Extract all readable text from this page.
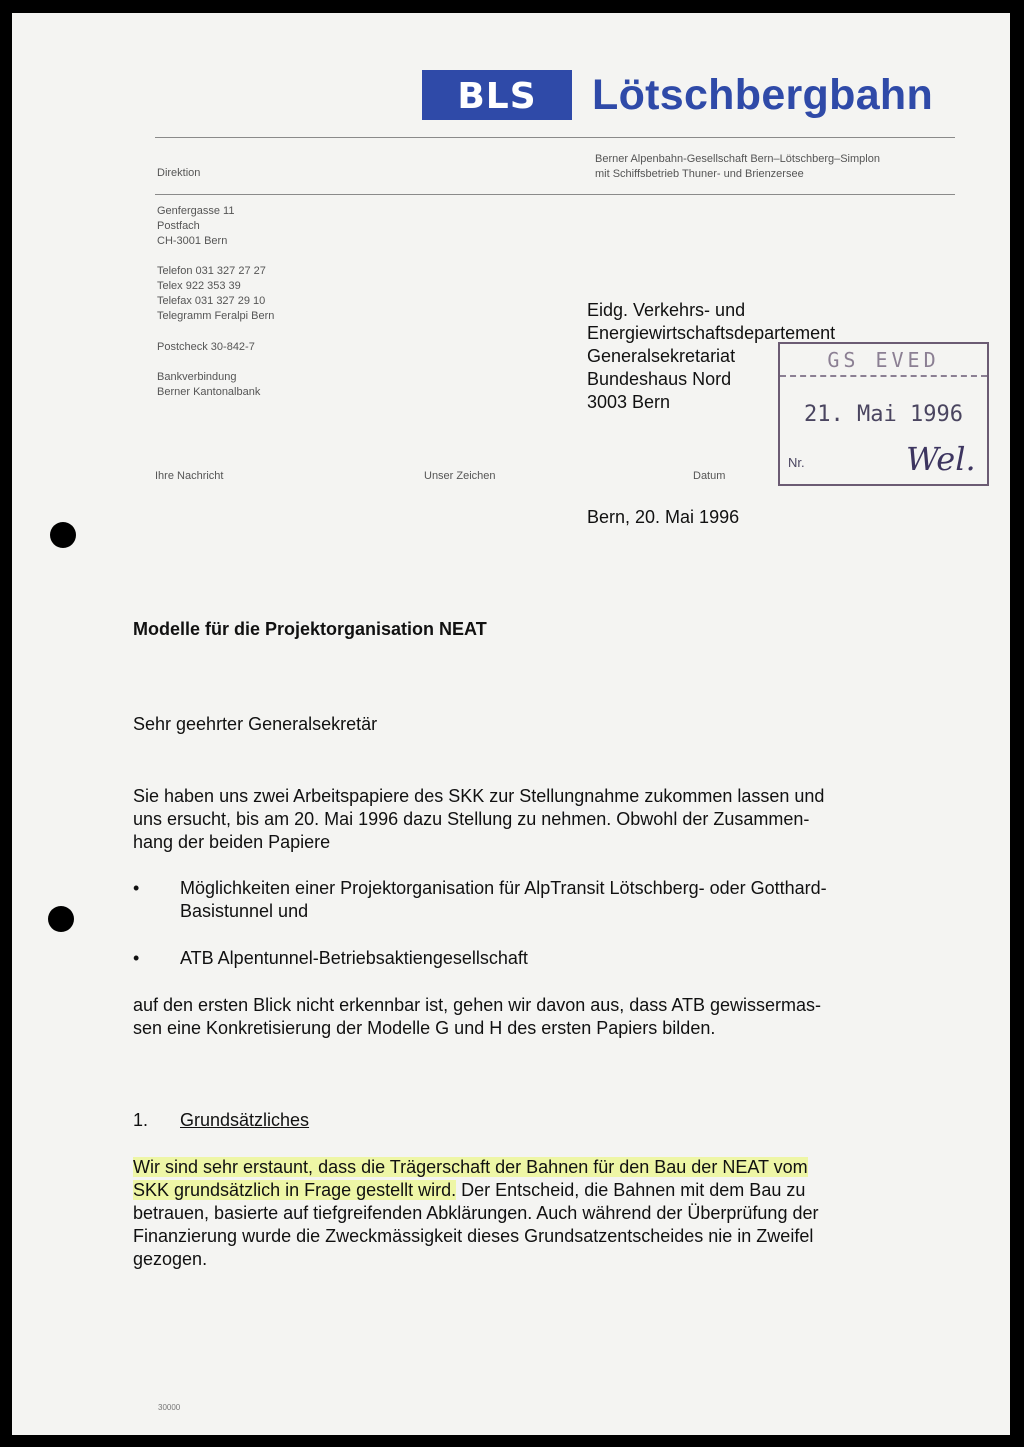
BLS	Lötschbergbahn
Direktion
Berner Alpenbahn-Gesellschaft Bern–Lötschberg–Simplon
mit Schiffsbetrieb Thuner- und Brienzersee
Genfergasse 11
Postfach
CH-3001 Bern
Telefon 031 327 27 27
Telex 922 353 39
Telefax 031 327 29 10
Telegramm Feralpi Bern
Postcheck 30-842-7
Bankverbindung
Berner Kantonalbank
Eidg. Verkehrs- und
Energiewirtschaftsdepartement
Generalsekretariat
Bundeshaus Nord
3003 Bern
GS EVED
21. Mai 1996
Nr.	Wel.
Ihre Nachricht	Unser Zeichen	Datum
Bern, 20. Mai 1996
Modelle für die Projektorganisation NEAT
Sehr geehrter Generalsekretär
Sie haben uns zwei Arbeitspapiere des SKK zur Stellungnahme zukommen lassen und
uns ersucht, bis am 20. Mai 1996 dazu Stellung zu nehmen. Obwohl der Zusammen-
hang der beiden Papiere
• Möglichkeiten einer Projektorganisation für AlpTransit Lötschberg- oder Gotthard-
Basistunnel und
• ATB Alpentunnel-Betriebsaktiengesellschaft
auf den ersten Blick nicht erkennbar ist, gehen wir davon aus, dass ATB gewissermas-
sen eine Konkretisierung der Modelle G und H des ersten Papiers bilden.
1. Grundsätzliches
Wir sind sehr erstaunt, dass die Trägerschaft der Bahnen für den Bau der NEAT vom
SKK grundsätzlich in Frage gestellt wird. Der Entscheid, die Bahnen mit dem Bau zu
betrauen, basierte auf tiefgreifenden Abklärungen. Auch während der Überprüfung der
Finanzierung wurde die Zweckmässigkeit dieses Grundsatzentscheides nie in Zweifel
gezogen.
30000
